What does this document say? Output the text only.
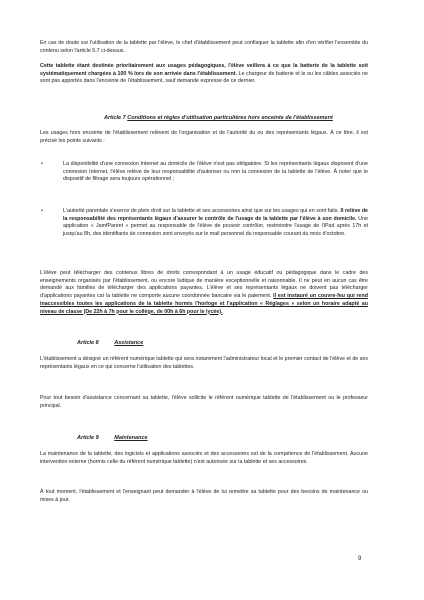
En cas de doute sur l'utilisation de la tablette par l'élève, le chef d'établissement peut confisquer la tablette afin d'en vérifier l'ensemble du contenu selon l'article 5.7 ci-dessus.
Cette tablette étant destinée prioritairement aux usages pédagogiques, l'élève veillera à ce que la batterie de la tablette soit systématiquement chargées à 100 % lors de son arrivée dans l'établissement. Le chargeur de batterie et le ou les câbles associés ne sont pas apportés dans l'enceinte de l'établissement, sauf demande expresse de ce dernier.
Article 7 Conditions et règles d'utilisation particulières hors enceinte de l'établissement
Les usages hors enceinte de l'établissement relèvent de l'organisation et de l'autorité du ou des représentants légaux. À ce titre, il est précisé les points suivants :
•	La disponibilité d'une connexion Internet au domicile de l'élève n'est pas obligatoire. Si les représentants légaux disposent d'une connexion Internet, l'élève relève de leur responsabilité d'autoriser ou non la connexion de la tablette de l'élève. À noter que le dispositif de filtrage sera toujours opérationnel ;
•	L'autorité parentale s'exerce de plein droit sur la tablette et ses accessoires ainsi que sur les usages qui en sont faits. Il relève de la responsabilité des représentants légaux d'assurer le contrôle de l'usage de la tablette par l'élève à son domicile. Une application « JamfParent » permet au responsable de l'élève de pouvoir contrôler, restreindre l'usage de l'iPad après 17h et jusqu'au 8h, des identifiants de connexion sont envoyés sur le mail personnel du responsable courant du mois d'octobre.
L'élève peut télécharger des contenus libres de droits correspondant à un usage éducatif ou pédagogique dans le cadre des enseignements organisés par l'établissement, ou encore ludique de manière exceptionnelle et raisonnable. Il ne peut en aucun cas être demandé aux familles de télécharger des applications payantes. L'élève et ses représentants légaux ne doivent pas télécharger d'applications payantes car la tablette ne comporte aucune coordonnée bancaire via le paiement. Il est instauré un couvre-feu qui rend inaccessibles toutes les applications de la tablette hormis l'horloge et l'application « Réglages » selon un horaire adapté au niveau de classe (De 22h à 7h pour le collège, de 00h à 6h pour le lycée).
Article 8	Assistance
L'établissement a désigné un référent numérique tablette qui sera notamment l'administrateur local et le premier contact de l'élève et de ses représentants légaux en ce qui concerne l'utilisation des tablettes.
Pour tout besoin d'assistance concernant sa tablette, l'élève sollicite le référent numérique tablette de l'établissement ou le professeur principal.
Article 9	Maintenance
La maintenance de la tablette, des logiciels et applications associés et des accessoires est de la compétence de l'établissement. Aucune intervention externe (hormis celle du référent numérique tablette) n'est autorisée sur la tablette et ses accessoires.
À tout moment, l'établissement et l'enseignant peut demander à l'élève de lui remettre sa tablette pour des besoins de maintenance ou mises à jour.
9
